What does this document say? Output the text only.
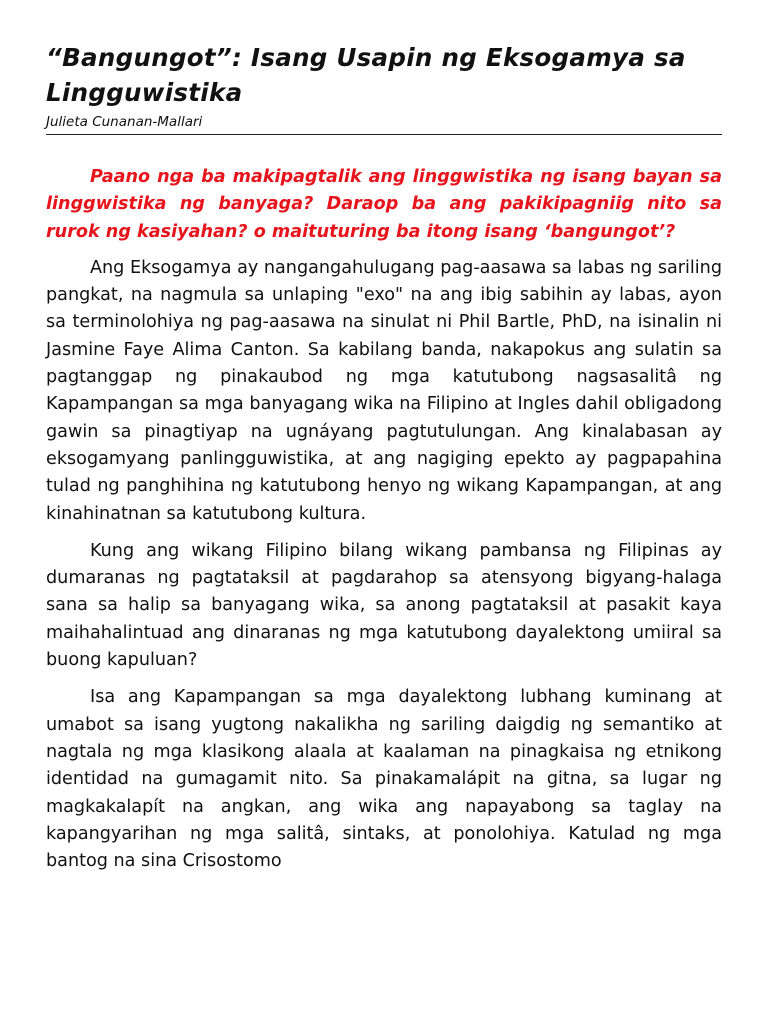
“Bangungot”: Isang Usapin ng Eksogamya sa Lingguwistika
Julieta Cunanan-Mallari

Paano nga ba makipagtalik ang linggwistika ng isang bayan sa linggwistika ng banyaga? Daraop ba ang pakikipagniig nito sa rurok ng kasiyahan? o maituturing ba itong isang ‘bangungot’?

Ang Eksogamya ay nangangahulugang pag-aasawa sa labas ng sariling pangkat, na nagmula sa unlaping "exo" na ang ibig sabihin ay labas, ayon sa terminolohiya ng pag-aasawa na sinulat ni Phil Bartle, PhD, na isinalin ni Jasmine Faye Alima Canton. Sa kabilang banda, nakapokus ang sulatin sa pagtanggap ng pinakaubod ng mga katutubong nagsasalitâ ng Kapampangan sa mga banyagang wika na Filipino at Ingles dahil obligadong gawin sa pinagtiyap na ugnáyang pagtutulungan. Ang kinalabasan ay eksogamyang panlingguwistika, at ang nagiging epekto ay pagpapahina tulad ng panghihina ng katutubong henyo ng wikang Kapampangan, at ang kinahinatnan sa katutubong kultura.

Kung ang wikang Filipino bilang wikang pambansa ng Filipinas ay dumaranas ng pagtataksil at pagdarahop sa atensyong bigyang-halaga sana sa halip sa banyagang wika, sa anong pagtataksil at pasakit kaya maihahalintuad ang dinaranas ng mga katutubong dayalektong umiiral sa buong kapuluan?

Isa ang Kapampangan sa mga dayalektong lubhang kuminang at umabot sa isang yugtong nakalikha ng sariling daigdig ng semantiko at nagtala ng mga klasikong alaala at kaalaman na pinagkaisa ng etnikong identidad na gumagamit nito. Sa pinakamalápit na gitna, sa lugar ng magkakalapít na angkan, ang wika ang napayabong sa taglay na kapangyarihan ng mga salitâ, sintaks, at ponolohiya. Katulad ng mga bantog na sina Crisostomo
